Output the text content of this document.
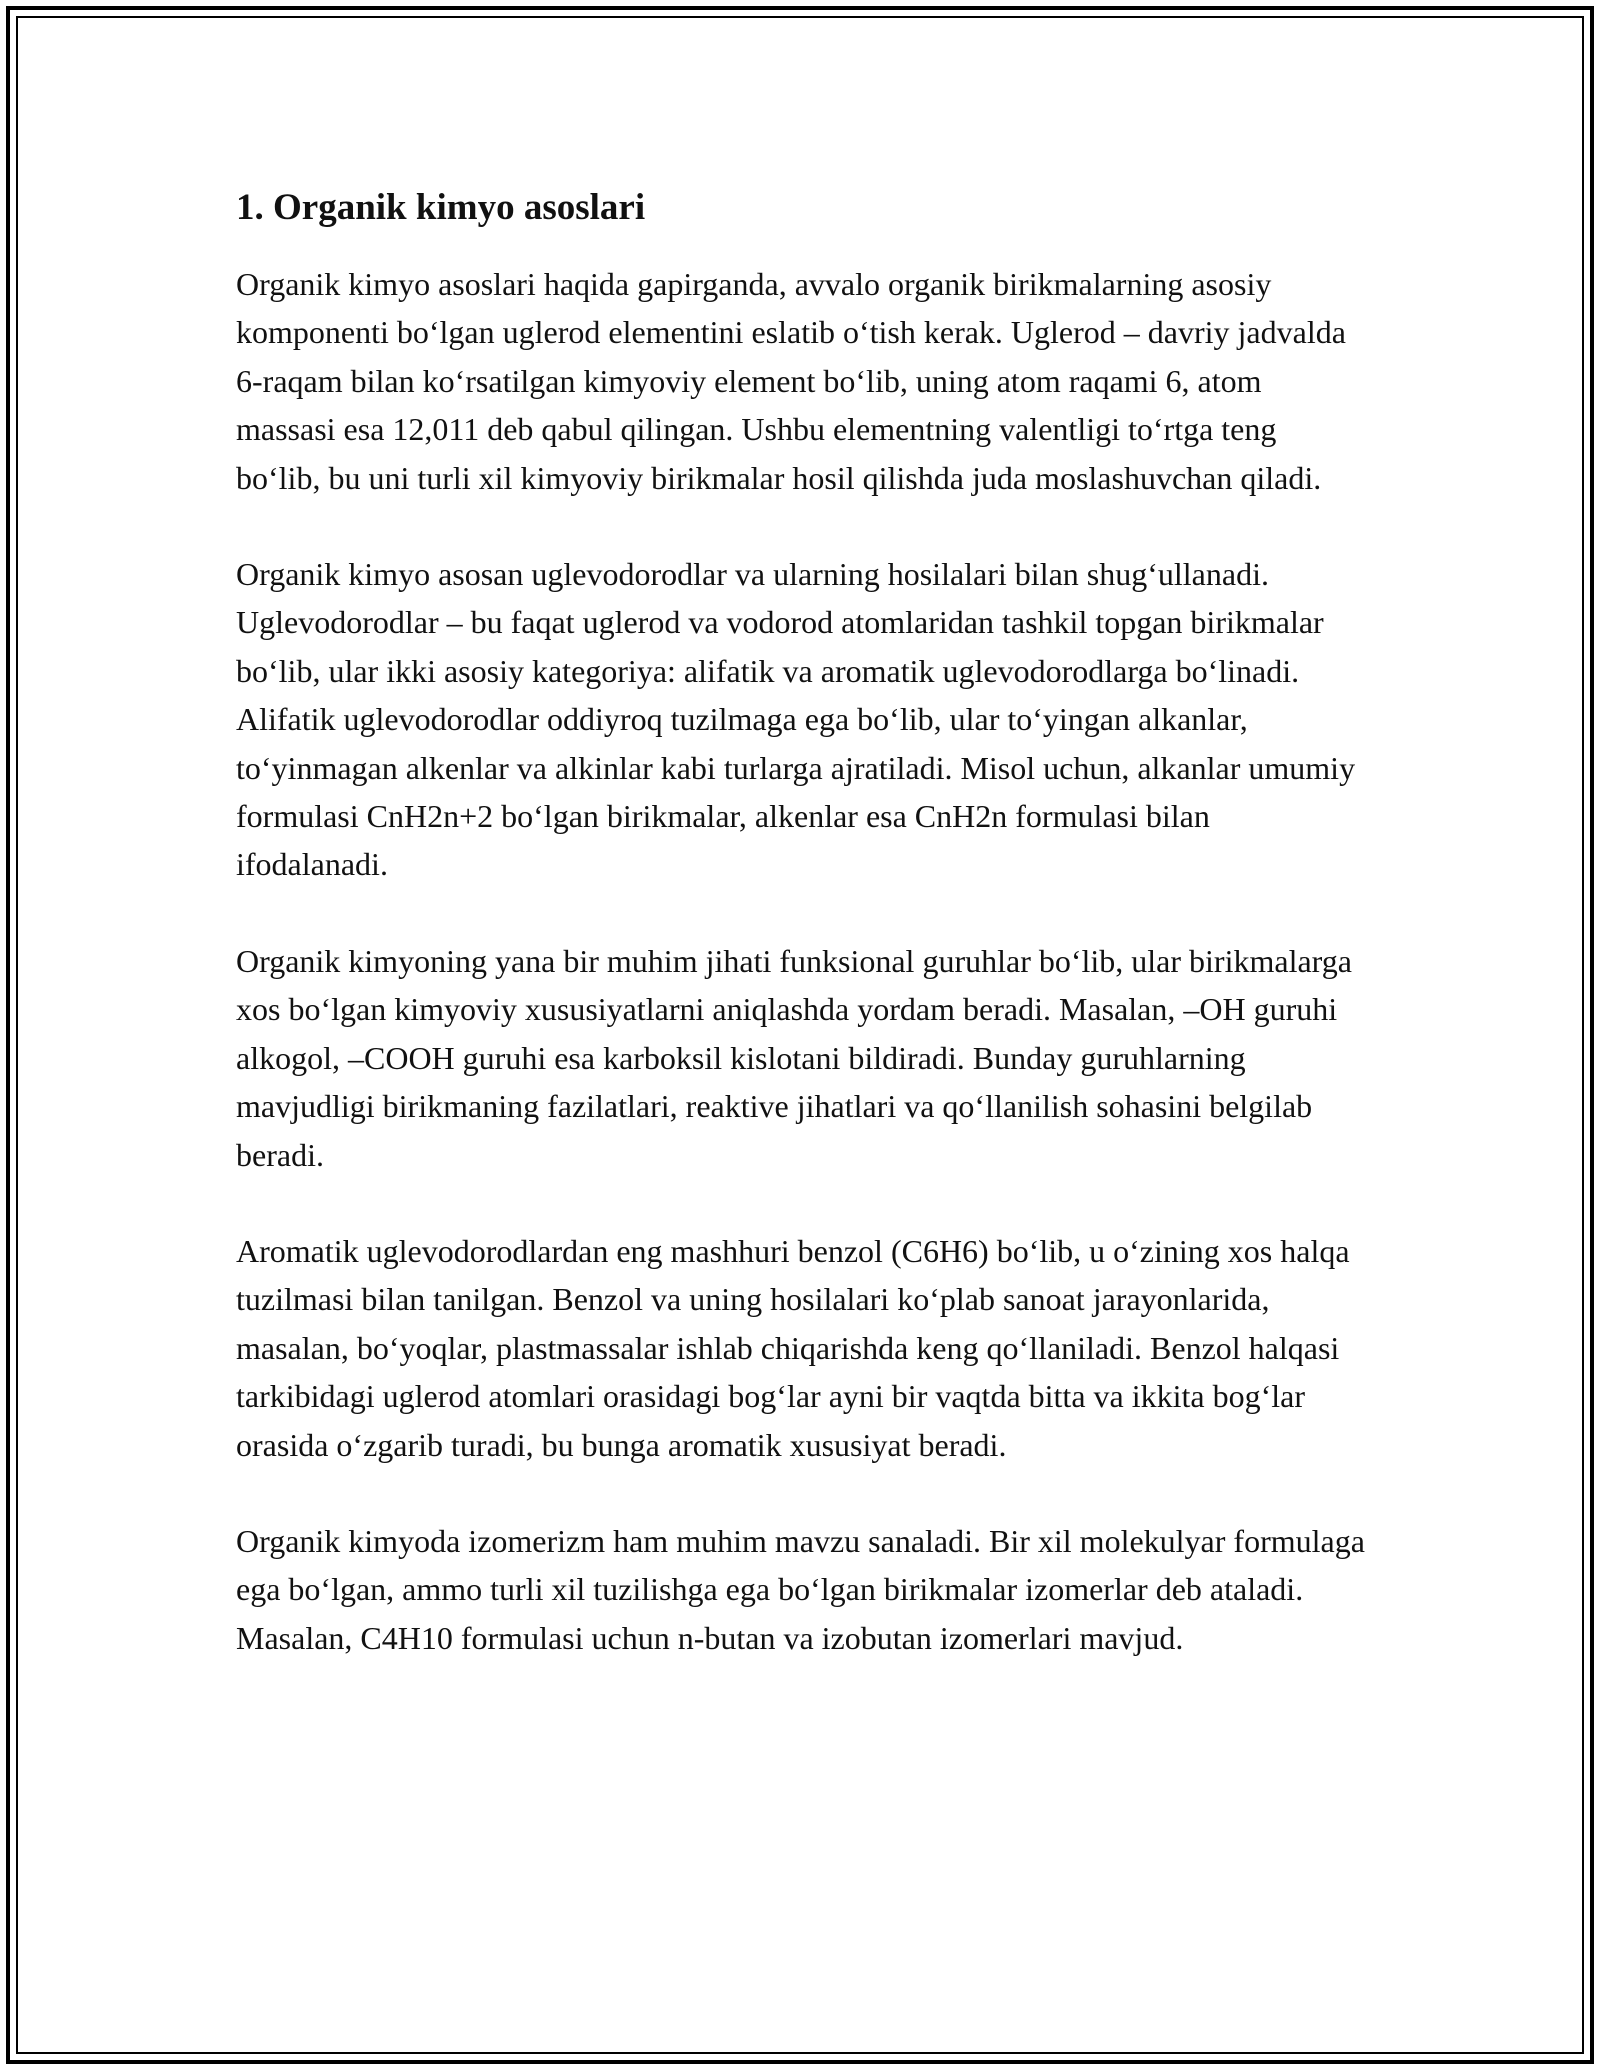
1. Organik kimyo asoslari

Organik kimyo asoslari haqida gapirganda, avvalo organik birikmalarning asosiy komponenti bo‘lgan uglerod elementini eslatib o‘tish kerak. Uglerod – davriy jadvalda 6-raqam bilan ko‘rsatilgan kimyoviy element bo‘lib, uning atom raqami 6, atom massasi esa 12,011 deb qabul qilingan. Ushbu elementning valentligi to‘rtga teng bo‘lib, bu uni turli xil kimyoviy birikmalar hosil qilishda juda moslashuvchan qiladi.

Organik kimyo asosan uglevodorodlar va ularning hosilalari bilan shug‘ullanadi. Uglevodorodlar – bu faqat uglerod va vodorod atomlaridan tashkil topgan birikmalar bo‘lib, ular ikki asosiy kategoriya: alifatik va aromatik uglevodorodlarga bo‘linadi. Alifatik uglevodorodlar oddiyroq tuzilmaga ega bo‘lib, ular to‘yingan alkanlar, to‘yinmagan alkenlar va alkinlar kabi turlarga ajratiladi. Misol uchun, alkanlar umumiy formulasi CnH2n+2 bo‘lgan birikmalar, alkenlar esa CnH2n formulasi bilan ifodalanadi.

Organik kimyoning yana bir muhim jihati funksional guruhlar bo‘lib, ular birikmalarga xos bo‘lgan kimyoviy xususiyatlarni aniqlashda yordam beradi. Masalan, –OH guruhi alkogol, –COOH guruhi esa karboksil kislotani bildiradi. Bunday guruhlarning mavjudligi birikmaning fazilatlari, reaktive jihatlari va qo‘llanilish sohasini belgilab beradi.

Aromatik uglevodorodlardan eng mashhuri benzol (C6H6) bo‘lib, u o‘zining xos halqa tuzilmasi bilan tanilgan. Benzol va uning hosilalari ko‘plab sanoat jarayonlarida, masalan, bo‘yoqlar, plastmassalar ishlab chiqarishda keng qo‘llaniladi. Benzol halqasi tarkibidagi uglerod atomlari orasidagi bog‘lar ayni bir vaqtda bitta va ikkita bog‘lar orasida o‘zgarib turadi, bu bunga aromatik xususiyat beradi.

Organik kimyoda izomerizm ham muhim mavzu sanaladi. Bir xil molekulyar formulaga ega bo‘lgan, ammo turli xil tuzilishga ega bo‘lgan birikmalar izomerlar deb ataladi. Masalan, C4H10 formulasi uchun n-butan va izobutan izomerlari mavjud.
